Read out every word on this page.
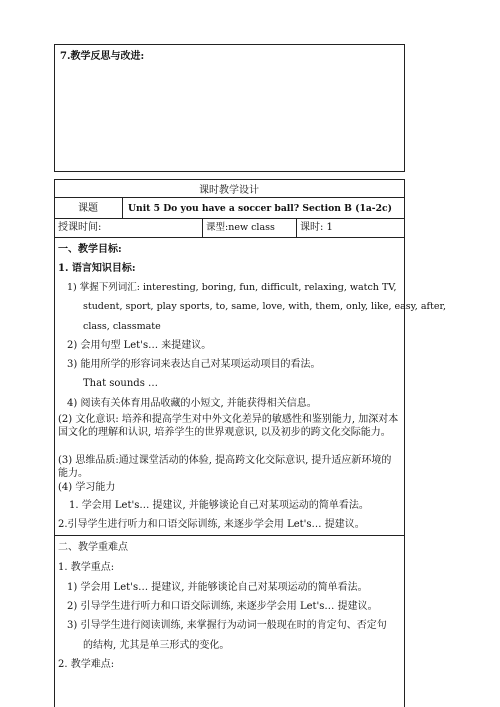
7.教学反思与改进:
课时教学设计
课题	Unit 5 Do you have a soccer ball? Section B (1a-2c)
授课时间:	课型:new class	课时: 1
一、教学目标:
1. 语言知识目标:
1) 掌握下列词汇: interesting, boring, fun, difficult, relaxing, watch TV,
student, sport, play sports, to, same, love, with, them, only, like, easy, after,
class, classmate
2) 会用句型 Let's… 来提建议。
3) 能用所学的形容词来表达自己对某项运动项目的看法。
That sounds …
4) 阅读有关体育用品收藏的小短文, 并能获得相关信息。
(2) 文化意识: 培养和提高学生对中外文化差异的敏感性和鉴别能力, 加深对本国文化的理解和认识, 培养学生的世界观意识, 以及初步的跨文化交际能力。
(3) 思维品质:通过课堂活动的体验, 提高跨文化交际意识, 提升适应新环境的能力。
(4) 学习能力
1. 学会用 Let's… 提建议, 并能够谈论自己对某项运动的简单看法。
2.引导学生进行听力和口语交际训练, 来逐步学会用 Let's… 提建议。
二、教学重难点
1. 教学重点:
1) 学会用 Let's… 提建议, 并能够谈论自己对某项运动的简单看法。
2) 引导学生进行听力和口语交际训练, 来逐步学会用 Let's… 提建议。
3) 引导学生进行阅读训练, 来掌握行为动词一般现在时的肯定句、否定句
的结构, 尤其是单三形式的变化。
2. 教学难点:
